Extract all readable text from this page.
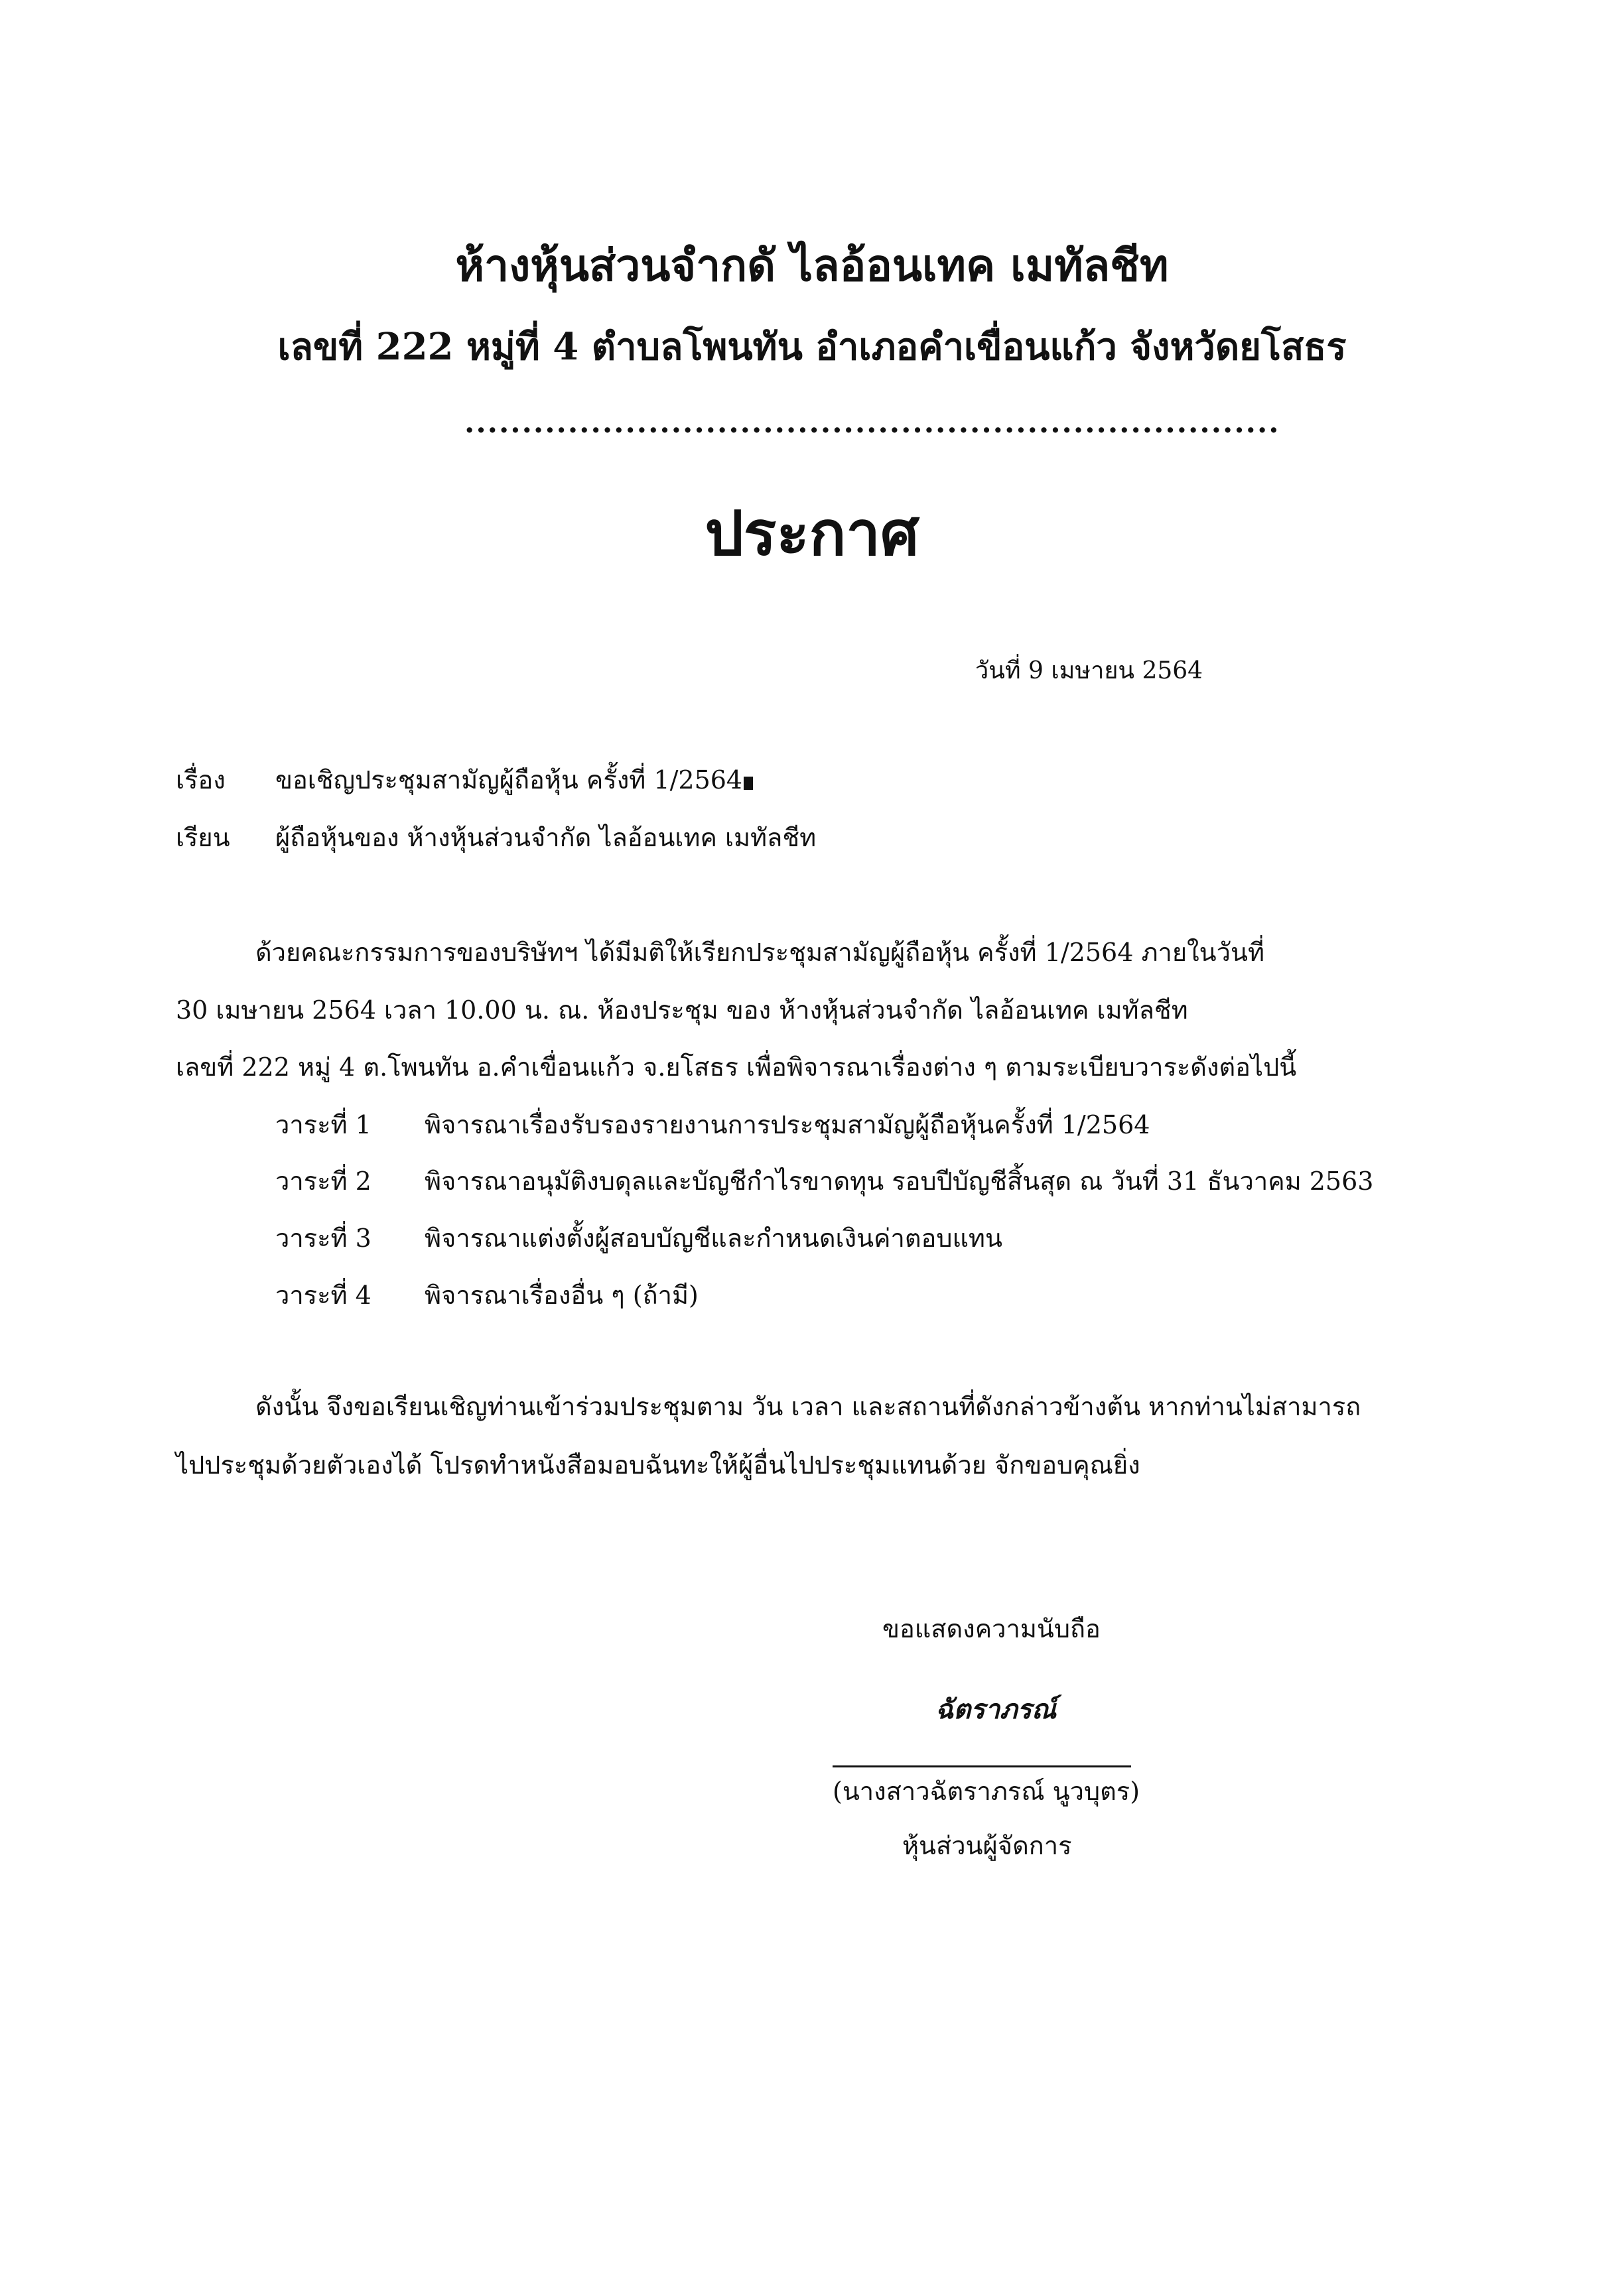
ห้างหุ้นส่วนจำกดั ไลอ้อนเทค เมทัลชีท
เลขที่ 222 หมู่ที่ 4 ตำบลโพนทัน อำเภอคำเขื่อนแก้ว จังหวัดยโสธร
.......................................................................
ประกาศ
วันที่ 9 เมษายน 2564
เรื่อง ขอเชิญประชุมสามัญผู้ถือหุ้น ครั้งที่ 1/2564
เรียน ผู้ถือหุ้นของ ห้างหุ้นส่วนจำกัด ไลอ้อนเทค เมทัลชีท
ด้วยคณะกรรมการของบริษัทฯ ได้มีมติให้เรียกประชุมสามัญผู้ถือหุ้น ครั้งที่ 1/2564 ภายในวันที่
30 เมษายน 2564 เวลา 10.00 น. ณ. ห้องประชุม ของ ห้างหุ้นส่วนจำกัด ไลอ้อนเทค เมทัลชีท
เลขที่ 222 หมู่ 4 ต.โพนทัน อ.คำเขื่อนแก้ว จ.ยโสธร เพื่อพิจารณาเรื่องต่าง ๆ ตามระเบียบวาระดังต่อไปนี้
วาระที่ 1 พิจารณาเรื่องรับรองรายงานการประชุมสามัญผู้ถือหุ้นครั้งที่ 1/2564
วาระที่ 2 พิจารณาอนุมัติงบดุลและบัญชีกำไรขาดทุน รอบปีบัญชีสิ้นสุด ณ วันที่ 31 ธันวาคม 2563
วาระที่ 3 พิจารณาแต่งตั้งผู้สอบบัญชีและกำหนดเงินค่าตอบแทน
วาระที่ 4 พิจารณาเรื่องอื่น ๆ (ถ้ามี)
ดังนั้น จึงขอเรียนเชิญท่านเข้าร่วมประชุมตาม วัน เวลา และสถานที่ดังกล่าวข้างต้น หากท่านไม่สามารถ
ไปประชุมด้วยตัวเองได้ โปรดทำหนังสือมอบฉันทะให้ผู้อื่นไปประชุมแทนด้วย จักขอบคุณยิ่ง
ขอแสดงความนับถือ
ฉัตราภรณ์
(นางสาวฉัตราภรณ์ นูวบุตร)
หุ้นส่วนผู้จัดการ
